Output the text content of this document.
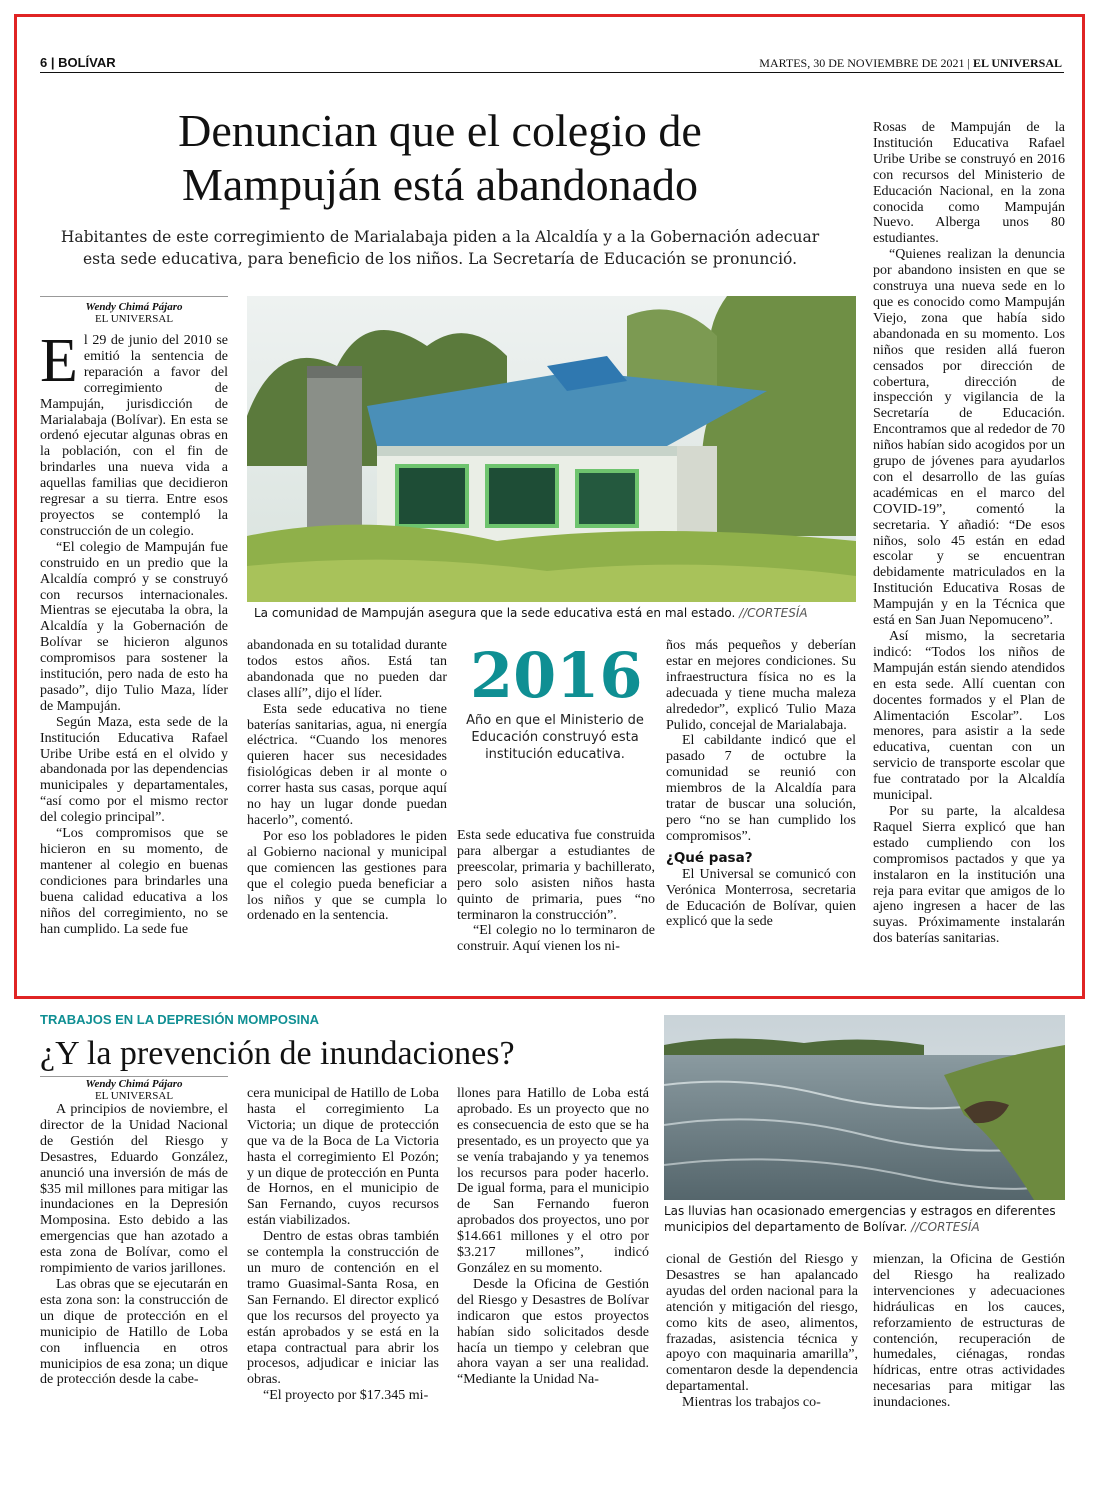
6 | BOLÍVAR	MARTES, 30 DE NOVIEMBRE DE 2021 | EL UNIVERSAL
Denuncian que el colegio de
Mampuján está abandonado
Habitantes de este corregimiento de Marialabaja piden a la Alcaldía y a la Gobernación adecuar
esta sede educativa, para beneficio de los niños. La Secretaría de Educación se pronunció.
Wendy Chimá Pájaro
EL UNIVERSAL

El 29 de junio del 2010 se emitió la sentencia de reparación a favor del corregimiento de Mampuján, jurisdicción de Marialabaja (Bolívar). En esta se ordenó ejecutar algunas obras en la población, con el fin de brindarles una nueva vida a aquellas familias que decidieron regresar a su tierra. Entre esos proyectos se contempló la construcción de un colegio.

“El colegio de Mampuján fue construido en un predio que la Alcaldía compró y se construyó con recursos internacionales. Mientras se ejecutaba la obra, la Alcaldía y la Gobernación de Bolívar se hicieron algunos compromisos para sostener la institución, pero nada de esto ha pasado”, dijo Tulio Maza, líder de Mampuján.

Según Maza, esta sede de la Institución Educativa Rafael Uribe Uribe está en el olvido y abandonada por las dependencias municipales y departamentales, “así como por el mismo rector del colegio principal”.

“Los compromisos que se hicieron en su momento, de mantener al colegio en buenas condiciones para brindarles una buena calidad educativa a los niños del corregimiento, no se han cumplido. La sede fue

La comunidad de Mampuján asegura que la sede educativa está en mal estado. //CORTESÍA

abandonada en su totalidad durante todos estos años. Está tan abandonada que no pueden dar clases allí”, dijo el líder.

Esta sede educativa no tiene baterías sanitarias, agua, ni energía eléctrica. “Cuando los menores quieren hacer sus necesidades fisiológicas deben ir al monte o correr hasta sus casas, porque aquí no hay un lugar donde puedan hacerlo”, comentó.

Por eso los pobladores le piden al Gobierno nacional y municipal que comiencen las gestiones para que el colegio pueda beneficiar a los niños y que se cumpla lo ordenado en la sentencia.

2016
Año en que el Ministerio de Educación construyó esta institución educativa.

Esta sede educativa fue construida para albergar a estudiantes de preescolar, primaria y bachillerato, pero solo asisten niños hasta quinto de primaria, pues “no terminaron la construcción”.

“El colegio no lo terminaron de construir. Aquí vienen los ni-

ños más pequeños y deberían estar en mejores condiciones. Su infraestructura física no es la adecuada y tiene mucha maleza alrededor”, explicó Tulio Maza Pulido, concejal de Marialabaja.

El cabildante indicó que el pasado 7 de octubre la comunidad se reunió con miembros de la Alcaldía para tratar de buscar una solución, pero “no se han cumplido los compromisos”.

¿Qué pasa?

El Universal se comunicó con Verónica Monterrosa, secretaria de Educación de Bolívar, quien explicó que la sede

Rosas de Mampuján de la Institución Educativa Rafael Uribe Uribe se construyó en 2016 con recursos del Ministerio de Educación Nacional, en la zona conocida como Mampuján Nuevo. Alberga unos 80 estudiantes.

“Quienes realizan la denuncia por abandono insisten en que se construya una nueva sede en lo que es conocido como Mampuján Viejo, zona que había sido abandonada en su momento. Los niños que residen allá fueron censados por dirección de cobertura, dirección de inspección y vigilancia de la Secretaría de Educación. Encontramos que al rededor de 70 niños habían sido acogidos por un grupo de jóvenes para ayudarlos con el desarrollo de las guías académicas en el marco del COVID-19”, comentó la secretaria. Y añadió: “De esos niños, solo 45 están en edad escolar y se encuentran debidamente matriculados en la Institución Educativa Rosas de Mampuján y en la Técnica que está en San Juan Nepomuceno”.

Así mismo, la secretaria indicó: “Todos los niños de Mampuján están siendo atendidos en esta sede. Allí cuentan con docentes formados y el Plan de Alimentación Escolar”. Los menores, para asistir a la sede educativa, cuentan con un servicio de transporte escolar que fue contratado por la Alcaldía municipal.

Por su parte, la alcaldesa Raquel Sierra explicó que han estado cumpliendo con los compromisos pactados y que ya instalaron en la institución una reja para evitar que amigos de lo ajeno ingresen a hacer de las suyas. Próximamente instalarán dos baterías sanitarias.

TRABAJOS EN LA DEPRESIÓN MOMPOSINA
¿Y la prevención de inundaciones?
Wendy Chimá Pájaro
EL UNIVERSAL

A principios de noviembre, el director de la Unidad Nacional de Gestión del Riesgo y Desastres, Eduardo González, anunció una inversión de más de $35 mil millones para mitigar las inundaciones en la Depresión Momposina. Esto debido a las emergencias que han azotado a esta zona de Bolívar, como el rompimiento de varios jarillones.

Las obras que se ejecutarán en esta zona son: la construcción de un dique de protección en el municipio de Hatillo de Loba con influencia en otros municipios de esa zona; un dique de protección desde la cabe-

cera municipal de Hatillo de Loba hasta el corregimiento La Victoria; un dique de protección que va de la Boca de La Victoria hasta el corregimiento El Pozón; y un dique de protección en Punta de Hornos, en el municipio de San Fernando, cuyos recursos están viabilizados.

Dentro de estas obras también se contempla la construcción de un muro de contención en el tramo Guasimal-Santa Rosa, en San Fernando. El director explicó que los recursos del proyecto ya están aprobados y se está en la etapa contractual para abrir los procesos, adjudicar e iniciar las obras.

“El proyecto por $17.345 mi-

llones para Hatillo de Loba está aprobado. Es un proyecto que no es consecuencia de esto que se ha presentado, es un proyecto que ya se venía trabajando y ya tenemos los recursos para poder hacerlo. De igual forma, para el municipio de San Fernando fueron aprobados dos proyectos, uno por $14.661 millones y el otro por $3.217 millones”, indicó González en su momento.

Desde la Oficina de Gestión del Riesgo y Desastres de Bolívar indicaron que estos proyectos habían sido solicitados desde hacía un tiempo y celebran que ahora vayan a ser una realidad. “Mediante la Unidad Na-

Las lluvias han ocasionado emergencias y estragos en diferentes municipios del departamento de Bolívar. //CORTESÍA

cional de Gestión del Riesgo y Desastres se han apalancado ayudas del orden nacional para la atención y mitigación del riesgo, como kits de aseo, alimentos, frazadas, asistencia técnica y apoyo con maquinaria amarilla”, comentaron desde la dependencia departamental.

Mientras los trabajos co-

mienzan, la Oficina de Gestión del Riesgo ha realizado intervenciones y adecuaciones hidráulicas en los cauces, reforzamiento de estructuras de contención, recuperación de humedales, ciénagas, rondas hídricas, entre otras actividades necesarias para mitigar las inundaciones.
